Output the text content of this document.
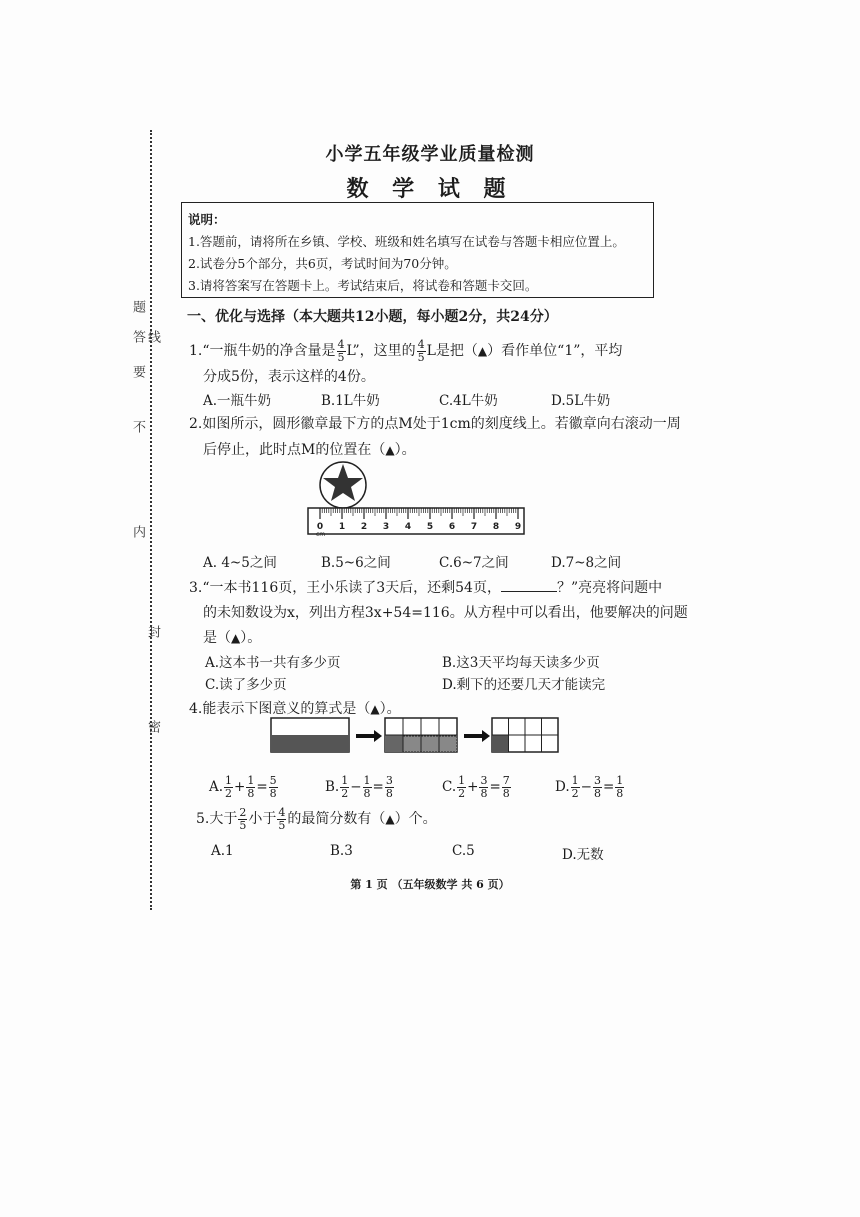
题
答
要
不
内
线
封
密
小学五年级学业质量检测
数 学 试 题
说明：
1.答题前，请将所在乡镇、学校、班级和姓名填写在试卷与答题卡相应位置上。
2.试卷分5个部分，共6页，考试时间为70分钟。
3.请将答案写在答题卡上。考试结束后，将试卷和答题卡交回。
一、优化与选择（本大题共12小题，每小题2分，共24分）
1.“一瓶牛奶的净含量是 $\frac{4}{5} L$”，这里的 $\frac{4}{5}$ L是把（▲）看作单位“1”，平均
分成5份，表示这样的4份。
A.一瓶牛奶	B.1L牛奶	C.4L牛奶	D.5L牛奶
2.如图所示，圆形徽章最下方的点M处于1cm的刻度线上。若徽章向右滚动一周
后停止，此时点M的位置在（▲）。
M
0 1 2 3 4 5 6 7 8 9
cm
A. 4~5之间	B.5~6之间	C.6~7之间	D.7~8之间
3.“一本书116页，王小乐读了3天后，还剩54页，	？”亮亮将问题中
的未知数设为x，列出方程3x+54=116。从方程中可以看出，他要解决的问题
是（▲）。
A.这本书一共有多少页	B.这3天平均每天读多少页
C.读了多少页	D.剩下的还要几天才能读完
4.能表示下图意义的算式是（▲）。
A. $\frac{1}{2} + \frac{1}{8} = \frac{5}{8}$	B. $\frac{1}{2} - \frac{1}{8} = \frac{3}{8}$	C. $\frac{1}{2} + \frac{3}{8} = \frac{7}{8}$	D. $\frac{1}{2} - \frac{3}{8} = \frac{1}{8}$
5.大于 $\frac{2}{5}$ 小于 $\frac{4}{5}$ 的最简分数有（▲）个。
A.1	B.3	C.5	D.无数
第 1 页 （五年级数学 共 6 页）
